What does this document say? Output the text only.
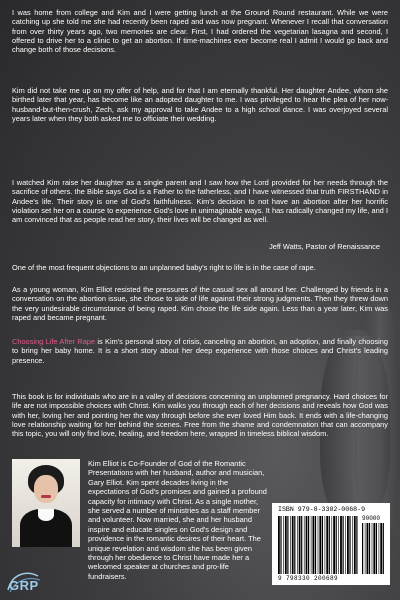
I was home from college and Kim and I were getting lunch at the Ground Round restaurant. While we were catching up she told me she had recently been raped and was now pregnant. Whenever I recall that conversation from over thirty years ago, two memories are clear. First, I had ordered the vegetarian lasagna and second, I offered to drive her to a clinic to get an abortion. If time-machines ever become real I admit I would go back and change both of those decisions.

Kim did not take me up on my offer of help, and for that I am eternally thankful. Her daughter Andee, whom she birthed later that year, has become like an adopted daughter to me. I was privileged to hear the plea of her now-husband-but-then-crush, Zech, ask my approval to take Andee to a high school dance. I was overjoyed several years later when they both asked me to officiate their wedding.

I watched Kim raise her daughter as a single parent and I saw how the Lord provided for her needs through the sacrifice of others. the Bible says God is a Father to the fatherless, and I have witnessed that truth FIRSTHAND in Andee's life. Their story is one of God's faithfulness. Kim's decision to not have an abortion after her horrific violation set her on a course to experience God's love in unimaginable ways. It has radically changed my life, and I am convinced that as people read her story, their lives will be changed as well.

Jeff Watts, Pastor of Renaissance

One of the most frequent objections to an unplanned baby's right to life is in the case of rape.

As a young woman, Kim Elliot resisted the pressures of the casual sex all around her. Challenged by friends in a conversation on the abortion issue, she chose to side of life against their strong judgments. Then they threw down the very undesirable circumstance of being raped. Kim chose the life side again. Less than a year later, Kim was raped and became pregnant.

Choosing Life After Rape is Kim's personal story of crisis, canceling an abortion, an adoption, and finally choosing to bring her baby home. It is a short story about her deep experience with those choices and Christ's leading presence.

This book is for individuals who are in a valley of decisions concerning an unplanned pregnancy. Hard choices for life are not impossible choices with Christ. Kim walks you through each of her decisions and reveals how God was with her, loving her and pointing her the way through before she ever loved Him back. It ends with a life-changing love relationship waiting for her behind the scenes. Free from the shame and condemnation that can accompany this topic, you will only find love, healing, and freedom here, wrapped in timeless biblical wisdom.

Kim Elliot is Co-Founder of God of the Romantic Presentations with her husband, author and musician, Gary Elliot. Kim spent decades living in the expectations of God's promises and gained a profound capacity for intimacy with Christ. As a single mother, she served a number of ministries as a staff member and volunteer. Now married, she and her husband inspire and educate singles on God's design and providence in the romantic desires of their heart. The unique revelation and wisdom she has been given through her obedience to Christ have made her a welcomed speaker at churches and pro-life fundraisers.
GRP
ISBN 979-8-3302-0068-9
90000
9 798330 200689
